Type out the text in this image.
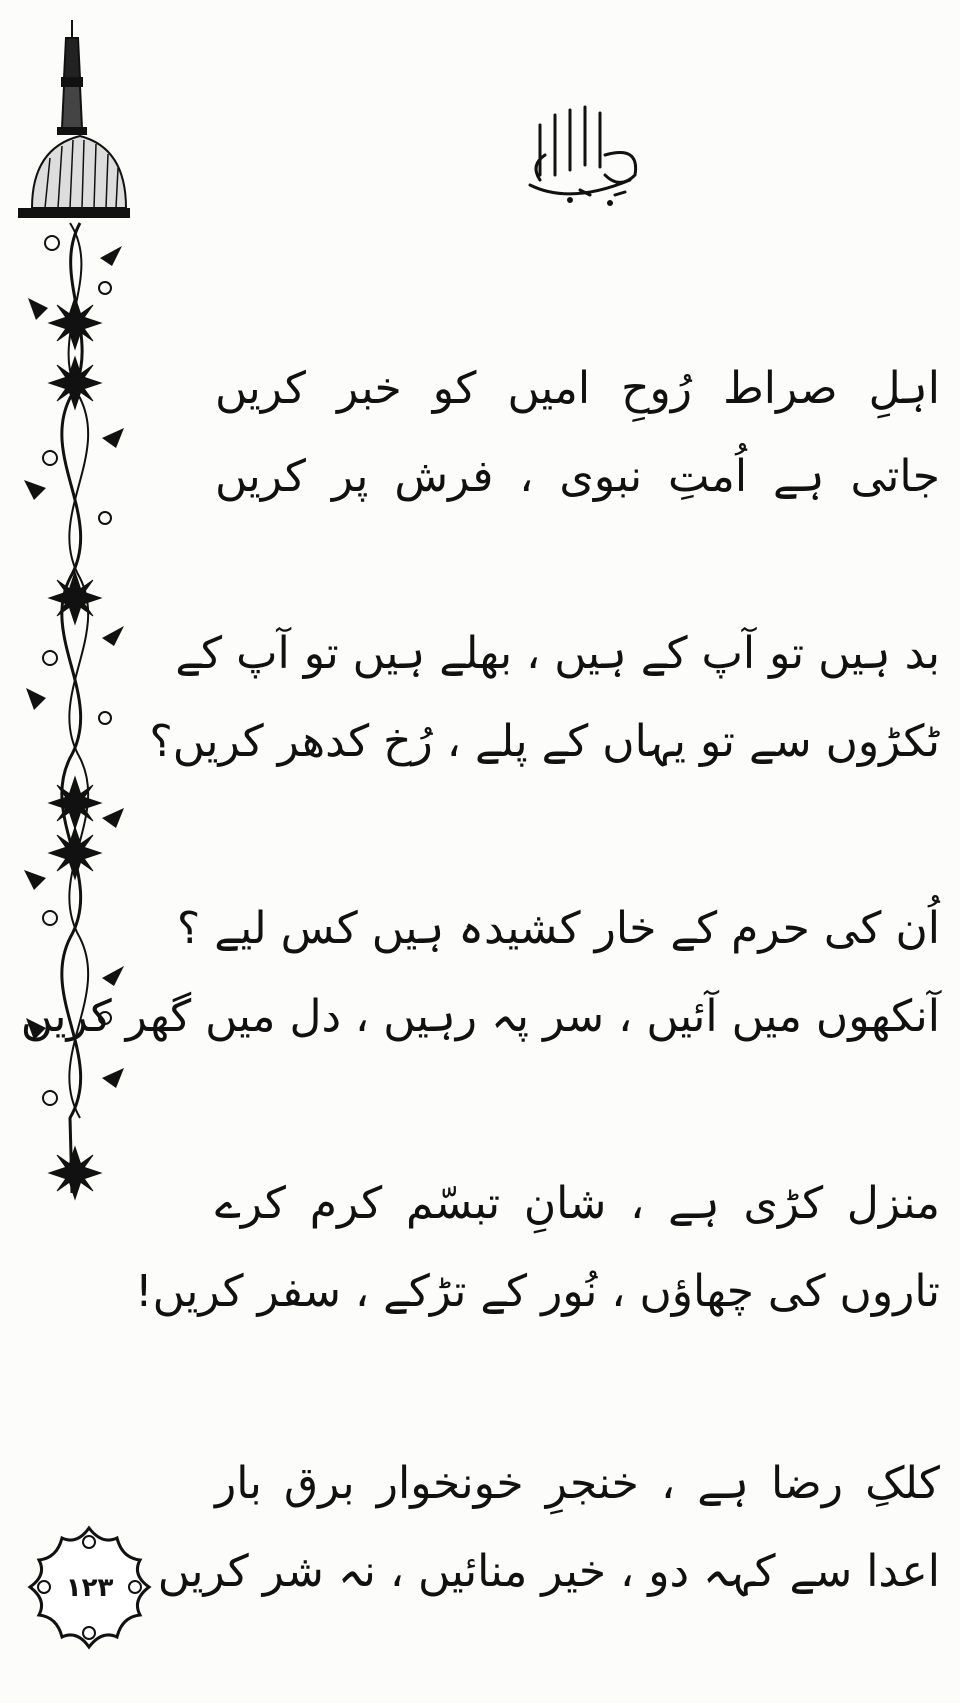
اہلِ صراط رُوحِ امیں کو خبر کریں
جاتی ہے اُمتِ نبوی ، فرش پر کریں
بد ہیں تو آپ کے ہیں ، بھلے ہیں تو آپ کے
ٹکڑوں سے تو یہاں کے پلے ، رُخ کدھر کریں؟
اُن کی حرم کے خار کشیدہ ہیں کس لیے ؟
آنکھوں میں آئیں ، سر پہ رہیں ، دل میں گھر کریں
منزل کڑی ہے ، شانِ تبسّم کرم کرے
تاروں کی چھاؤں ، نُور کے تڑکے ، سفر کریں!
کلکِ رضا ہے ، خنجرِ خونخوار برق بار
اعدا سے کہہ دو ، خیر منائیں ، نہ شر کریں
۱۲۳
